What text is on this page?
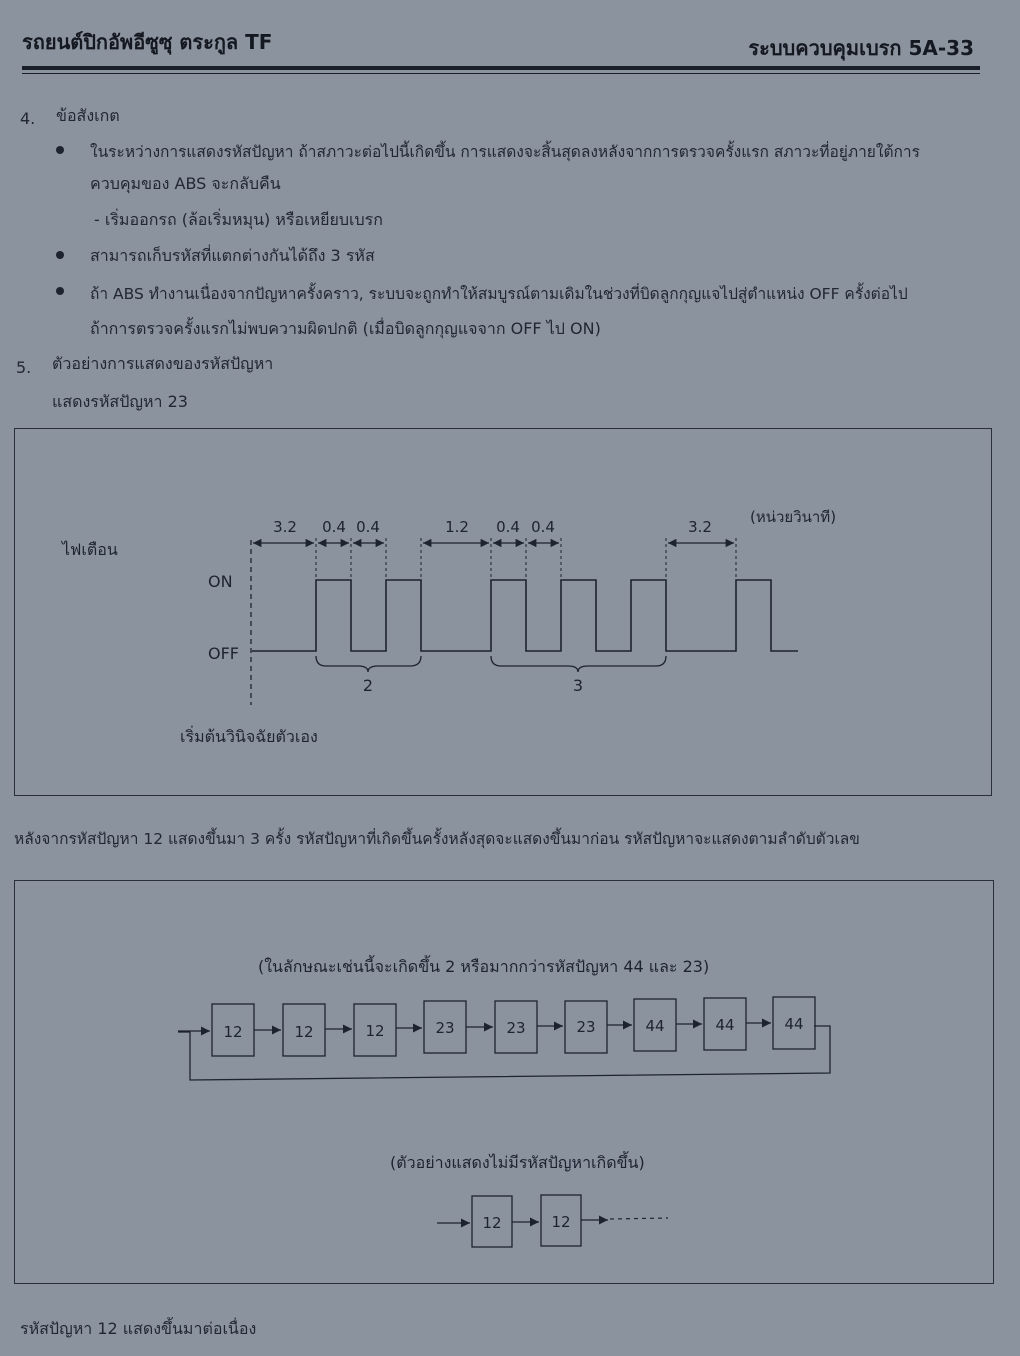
รถยนต์ปิกอัพอีซูซุ ตระกูล TF	ระบบควบคุมเบรก 5A-33
4. ข้อสังเกต
ในระหว่างการแสดงรหัสปัญหา ถ้าสภาวะต่อไปนี้เกิดขึ้น การแสดงจะสิ้นสุดลงหลังจากการตรวจครั้งแรก สภาวะที่อยู่ภายใต้การ
ควบคุมของ ABS จะกลับคืน
- เริ่มออกรถ (ล้อเริ่มหมุน) หรือเหยียบเบรก
สามารถเก็บรหัสที่แตกต่างกันได้ถึง 3 รหัส
ถ้า ABS ทำงานเนื่องจากปัญหาครั้งคราว, ระบบจะถูกทำให้สมบูรณ์ตามเดิมในช่วงที่บิดลูกกุญแจไปสู่ตำแหน่ง OFF ครั้งต่อไป
ถ้าการตรวจครั้งแรกไม่พบความผิดปกติ (เมื่อบิดลูกกุญแจจาก OFF ไป ON)
5. ตัวอย่างการแสดงของรหัสปัญหา
แสดงรหัสปัญหา 23
ไฟเตือน
ON
OFF
(หน่วยวินาที)
3.2 0.4 0.4	1.2 0.4 0.4	3.2
2	3
เริ่มต้นวินิจฉัยตัวเอง
หลังจากรหัสปัญหา 12 แสดงขึ้นมา 3 ครั้ง รหัสปัญหาที่เกิดขึ้นครั้งหลังสุดจะแสดงขึ้นมาก่อน รหัสปัญหาจะแสดงตามลำดับตัวเลข
(ในลักษณะเช่นนี้จะเกิดขึ้น 2 หรือมากกว่ารหัสปัญหา 44 และ 23)
12	12	12	23	23	23	44	44	44
(ตัวอย่างแสดงไม่มีรหัสปัญหาเกิดขึ้น)
12	12
รหัสปัญหา 12 แสดงขึ้นมาต่อเนื่อง
